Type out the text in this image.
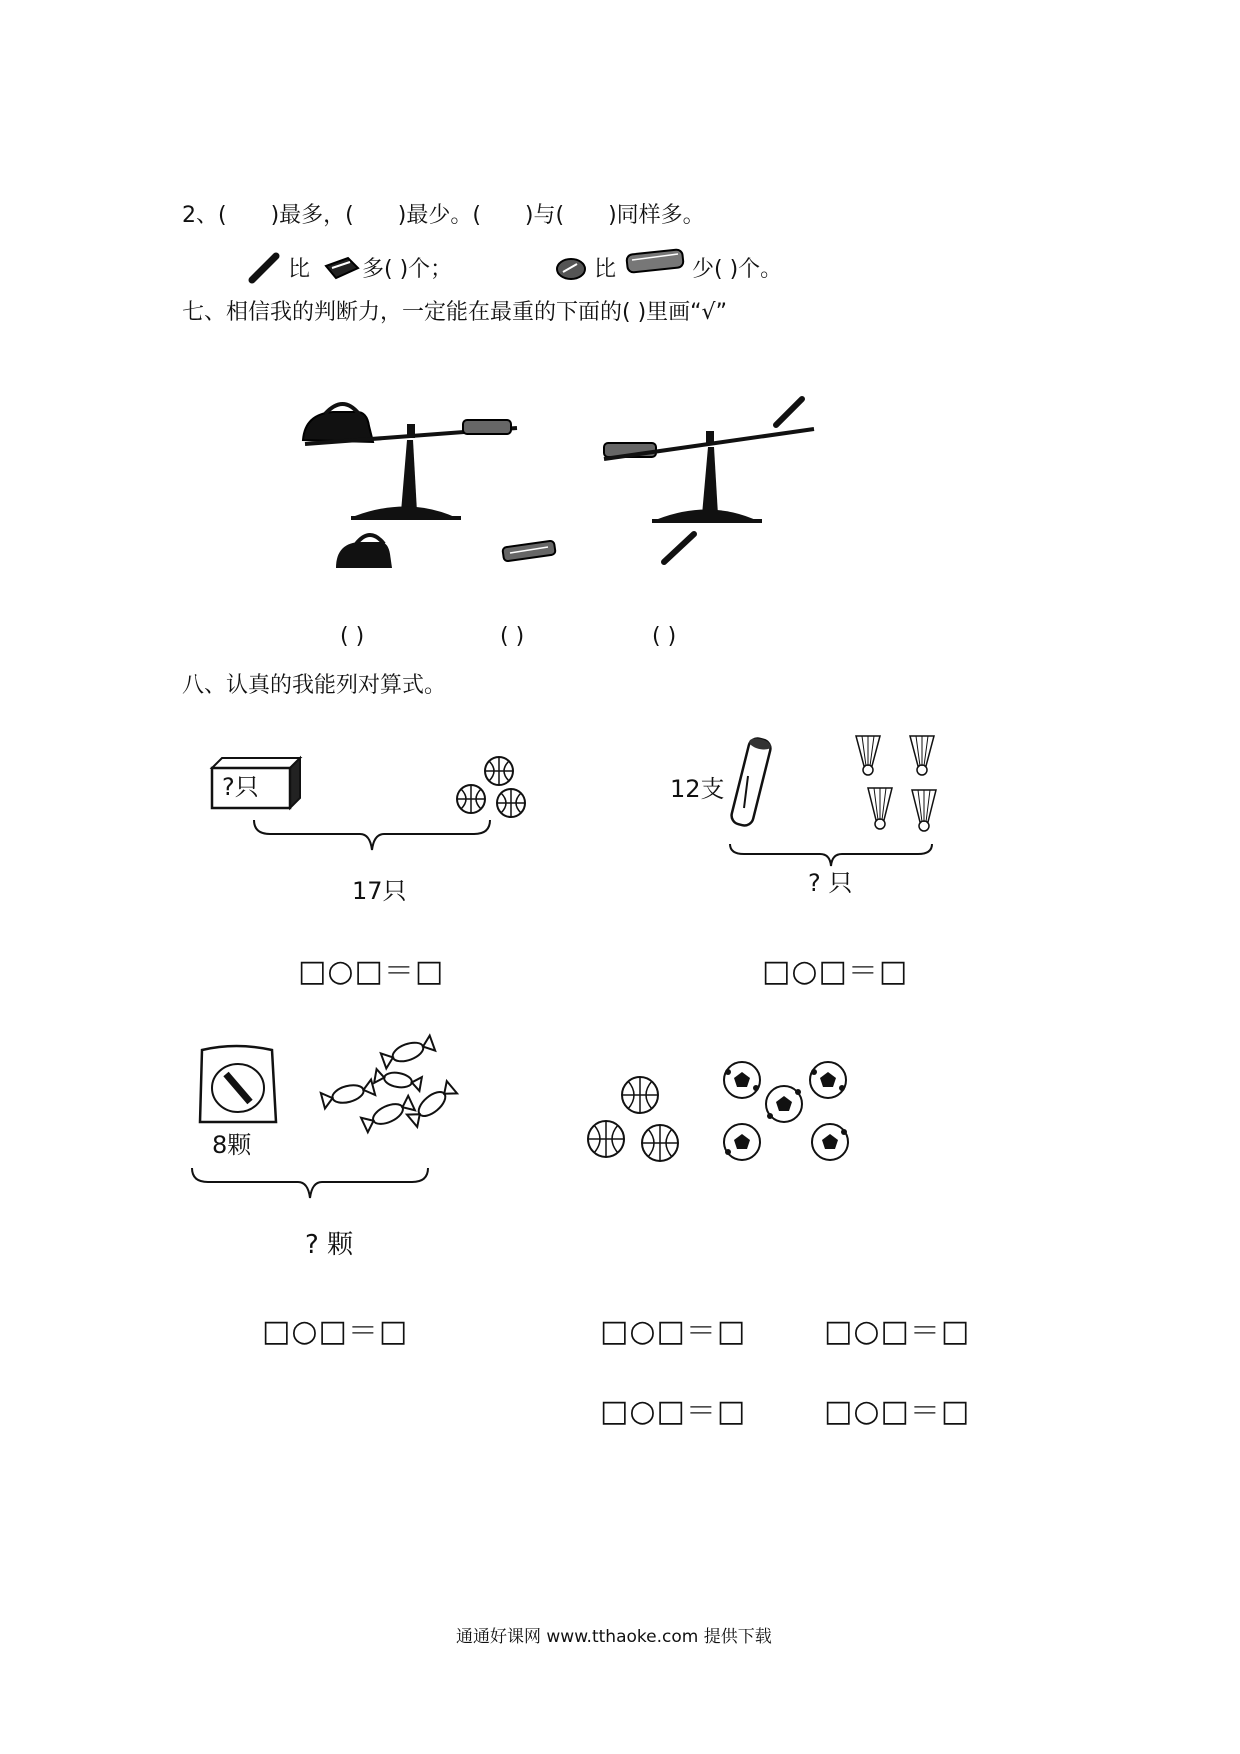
2、(　　)最多，(　　)最少。(　　)与(　　)同样多。
比 多( )个；	比	少( )个。
七、相信我的判断力，一定能在最重的下面的( )里画“√”
( )	( )	( )
八、认真的我能列对算式。
?只
17只
□○□＝□
12支
? 只
□○□＝□
8颗
? 颗
□○□＝□	□○□＝□	□○□＝□
□○□＝□	□○□＝□
通通好课网 www.tthaoke.com 提供下载
